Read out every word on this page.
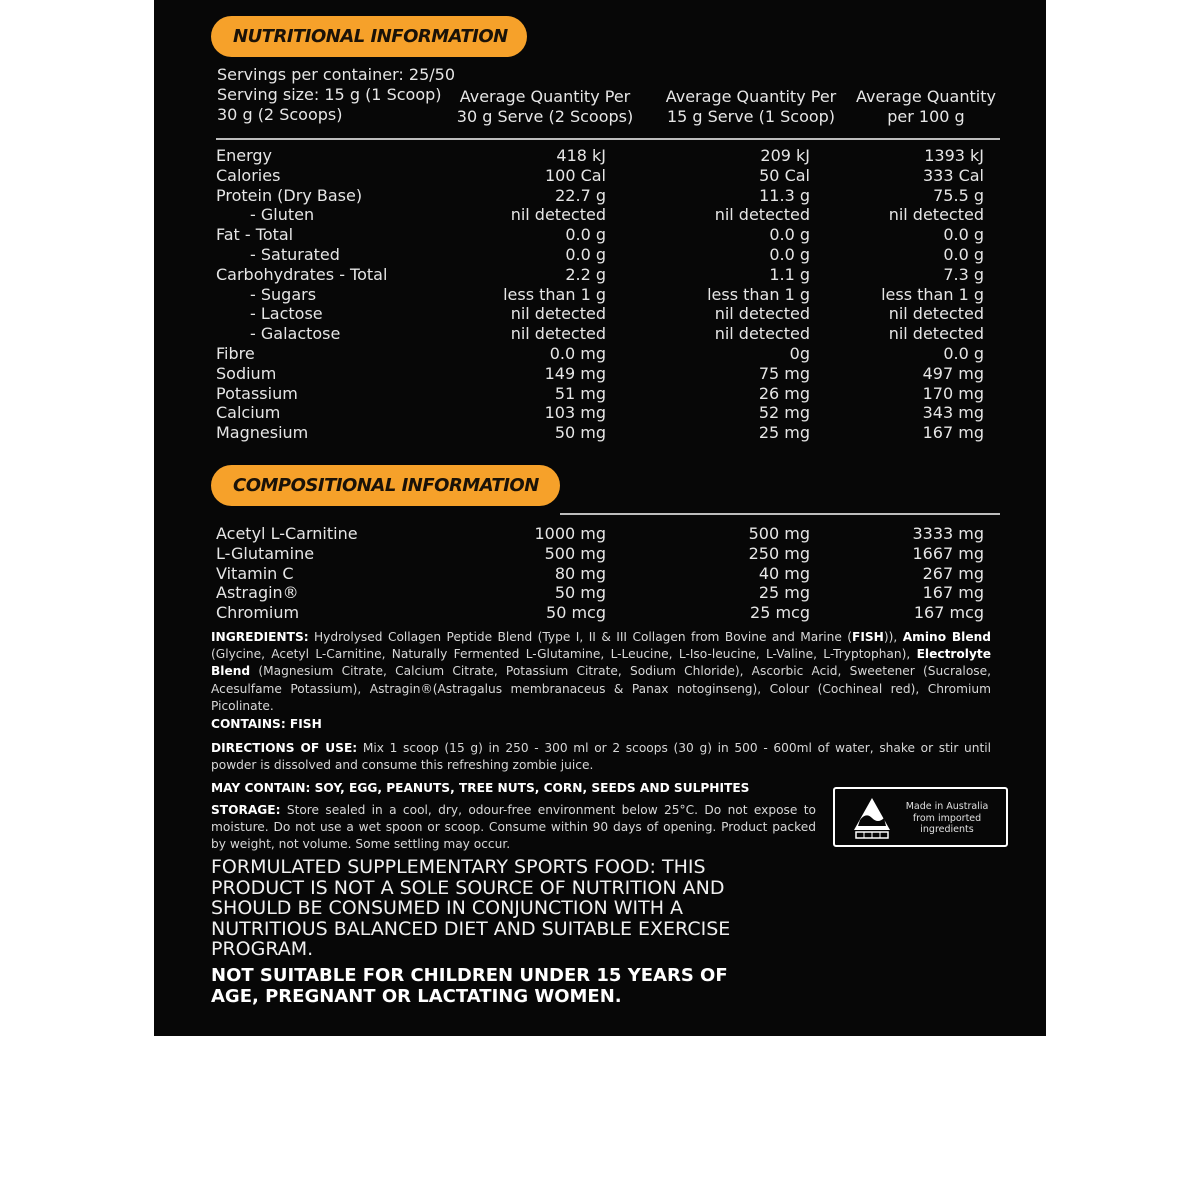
NUTRITIONAL INFORMATION
Servings per container: 25/50
Serving size: 15 g (1 Scoop)
30 g (2 Scoops)
Average Quantity Per
30 g Serve (2 Scoops)
Average Quantity Per
15 g Serve (1 Scoop)
Average Quantity
per 100 g
Energy	418 kJ	209 kJ	1393 kJ
Calories	100 Cal	50 Cal	333 Cal
Protein (Dry Base)	22.7 g	11.3 g	75.5 g
- Gluten	nil detected	nil detected	nil detected
Fat - Total	0.0 g	0.0 g	0.0 g
- Saturated	0.0 g	0.0 g	0.0 g
Carbohydrates - Total	2.2 g	1.1 g	7.3 g
- Sugars	less than 1 g	less than 1 g	less than 1 g
- Lactose	nil detected	nil detected	nil detected
- Galactose	nil detected	nil detected	nil detected
Fibre	0.0 mg	0g	0.0 g
Sodium	149 mg	75 mg	497 mg
Potassium	51 mg	26 mg	170 mg
Calcium	103 mg	52 mg	343 mg
Magnesium	50 mg	25 mg	167 mg
COMPOSITIONAL INFORMATION
Acetyl L-Carnitine	1000 mg	500 mg	3333 mg
L-Glutamine	500 mg	250 mg	1667 mg
Vitamin C	80 mg	40 mg	267 mg
Astragin®	50 mg	25 mg	167 mg
Chromium	50 mcg	25 mcg	167 mcg
INGREDIENTS: Hydrolysed Collagen Peptide Blend (Type I, II & III Collagen from Bovine and Marine (FISH)), Amino Blend (Glycine, Acetyl L-Carnitine, Naturally Fermented L-Glutamine, L-Leucine, L-Iso-leucine, L-Valine, L-Tryptophan), Electrolyte Blend (Magnesium Citrate, Calcium Citrate, Potassium Citrate, Sodium Chloride), Ascorbic Acid, Sweetener (Sucralose, Acesulfame Potassium), Astragin®(Astragalus membranaceus & Panax notoginseng), Colour (Cochineal red), Chromium Picolinate.
CONTAINS: FISH
DIRECTIONS OF USE: Mix 1 scoop (15 g) in 250 - 300 ml or 2 scoops (30 g) in 500 - 600ml of water, shake or stir until powder is dissolved and consume this refreshing zombie juice.
MAY CONTAIN: SOY, EGG, PEANUTS, TREE NUTS, CORN, SEEDS AND SULPHITES
STORAGE: Store sealed in a cool, dry, odour-free environment below 25°C. Do not expose to moisture. Do not use a wet spoon or scoop. Consume within 90 days of opening. Product packed by weight, not volume. Some settling may occur.
Made in Australia from imported ingredients
FORMULATED SUPPLEMENTARY SPORTS FOOD: THIS PRODUCT IS NOT A SOLE SOURCE OF NUTRITION AND SHOULD BE CONSUMED IN CONJUNCTION WITH A NUTRITIOUS BALANCED DIET AND SUITABLE EXERCISE PROGRAM.
NOT SUITABLE FOR CHILDREN UNDER 15 YEARS OF AGE, PREGNANT OR LACTATING WOMEN.
